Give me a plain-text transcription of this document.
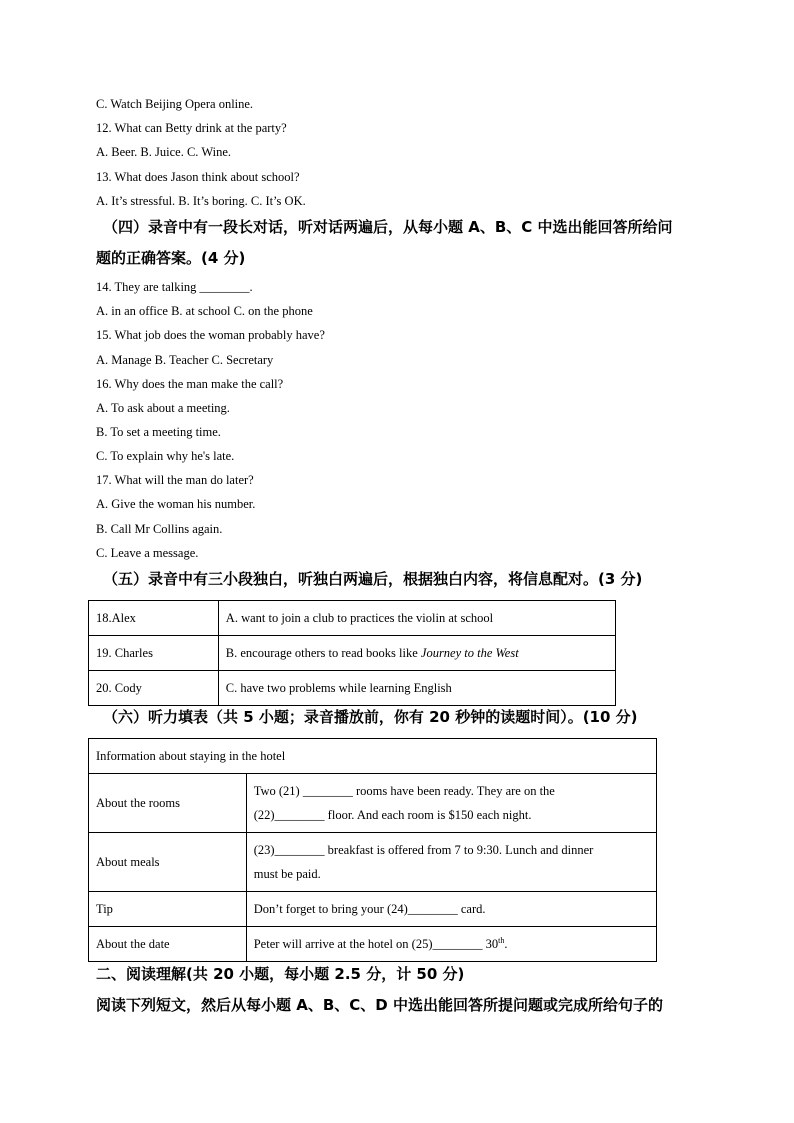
C. Watch Beijing Opera online.
12. What can Betty drink at the party?
A. Beer. B. Juice. C. Wine.
13. What does Jason think about school?
A. It’s stressful. B. It’s boring. C. It’s OK.
（四）录音中有一段长对话，听对话两遍后，从每小题 A、B、C 中选出能回答所给问
题的正确答案。(4 分)
14. They are talking ________.
A. in an office B. at school C. on the phone
15. What job does the woman probably have?
A. Manage B. Teacher C. Secretary
16. Why does the man make the call?
A. To ask about a meeting.
B. To set a meeting time.
C. To explain why he's late.
17. What will the man do later?
A. Give the woman his number.
B. Call Mr Collins again.
C. Leave a message.
（五）录音中有三小段独白，听独白两遍后，根据独白内容，将信息配对。(3 分)
18.Alex	A. want to join a club to practices the violin at school
19. Charles	B. encourage others to read books like Journey to the West
20. Cody	C. have two problems while learning English
（六）听力填表（共 5 小题；录音播放前，你有 20 秒钟的读题时间）。(10 分)
Information about staying in the hotel	
About the rooms	Two (21) ________ rooms have been ready. They are on the
(22)________ floor. And each room is $150 each night.

About meals	(23)________ breakfast is offered from 7 to 9:30. Lunch and dinner
must be paid.

Tip	Don’t forget to bring your (24)________ card.
About the date	Peter will arrive at the hotel on (25)________ 30th.
二、阅读理解(共 20 小题，每小题 2.5 分，计 50 分)
阅读下列短文，然后从每小题 A、B、C、D 中选出能回答所提问题或完成所给句子的
